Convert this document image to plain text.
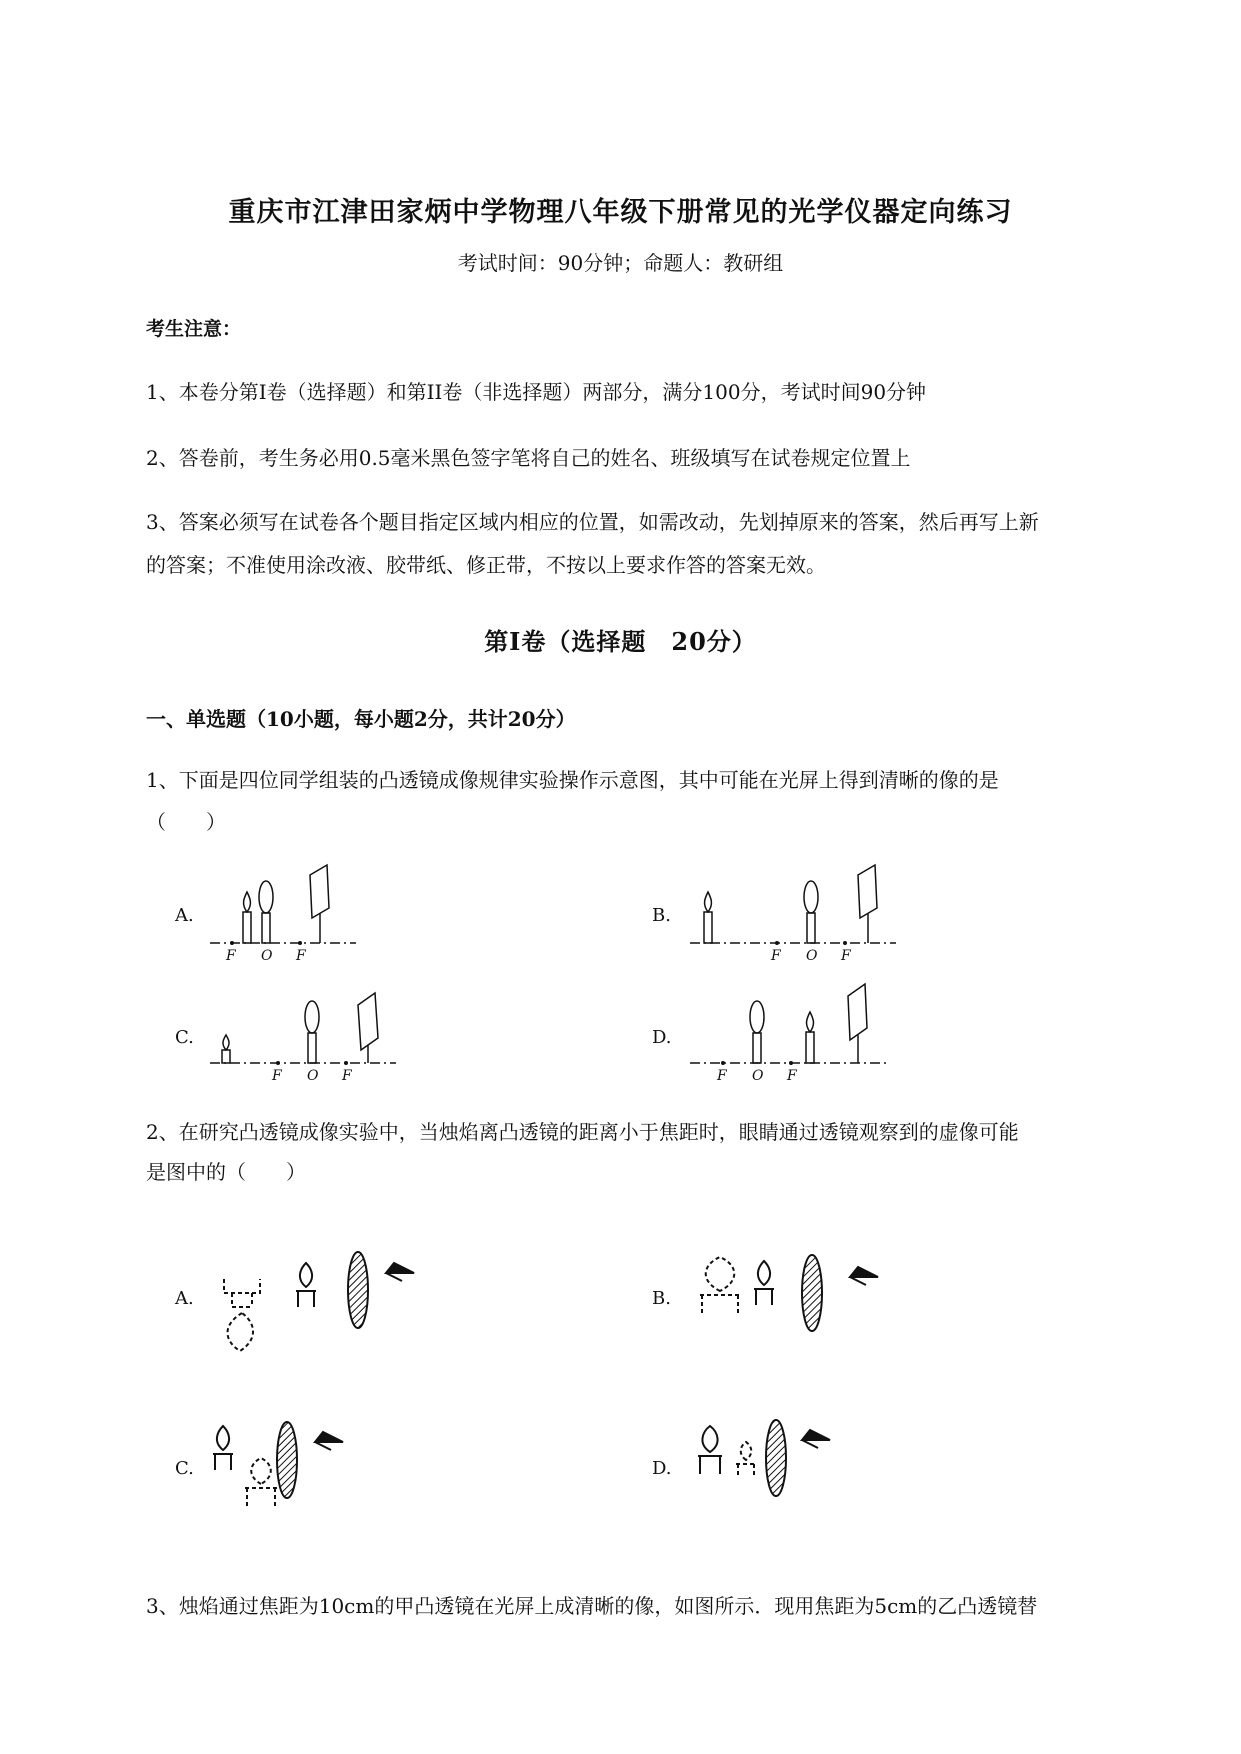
重庆市江津田家炳中学物理八年级下册常见的光学仪器定向练习
考试时间：90分钟；命题人：教研组
考生注意：
1、本卷分第I卷（选择题）和第II卷（非选择题）两部分，满分100分，考试时间90分钟
2、答卷前，考生务必用0.5毫米黑色签字笔将自己的姓名、班级填写在试卷规定位置上
3、答案必须写在试卷各个题目指定区域内相应的位置，如需改动，先划掉原来的答案，然后再写上新
的答案；不准使用涂改液、胶带纸、修正带，不按以上要求作答的答案无效。
第I卷（选择题　20分）
一、单选题（10小题，每小题2分，共计20分）
1、下面是四位同学组装的凸透镜成像规律实验操作示意图，其中可能在光屏上得到清晰的像的是
（　　）
A.
F O F
B.
F O F
C.
F O F
D.
F O F
2、在研究凸透镜成像实验中，当烛焰离凸透镜的距离小于焦距时，眼睛通过透镜观察到的虚像可能
是图中的（　　）
A.	B.
C.	D.
3、烛焰通过焦距为10cm的甲凸透镜在光屏上成清晰的像，如图所示．现用焦距为5cm的乙凸透镜替
